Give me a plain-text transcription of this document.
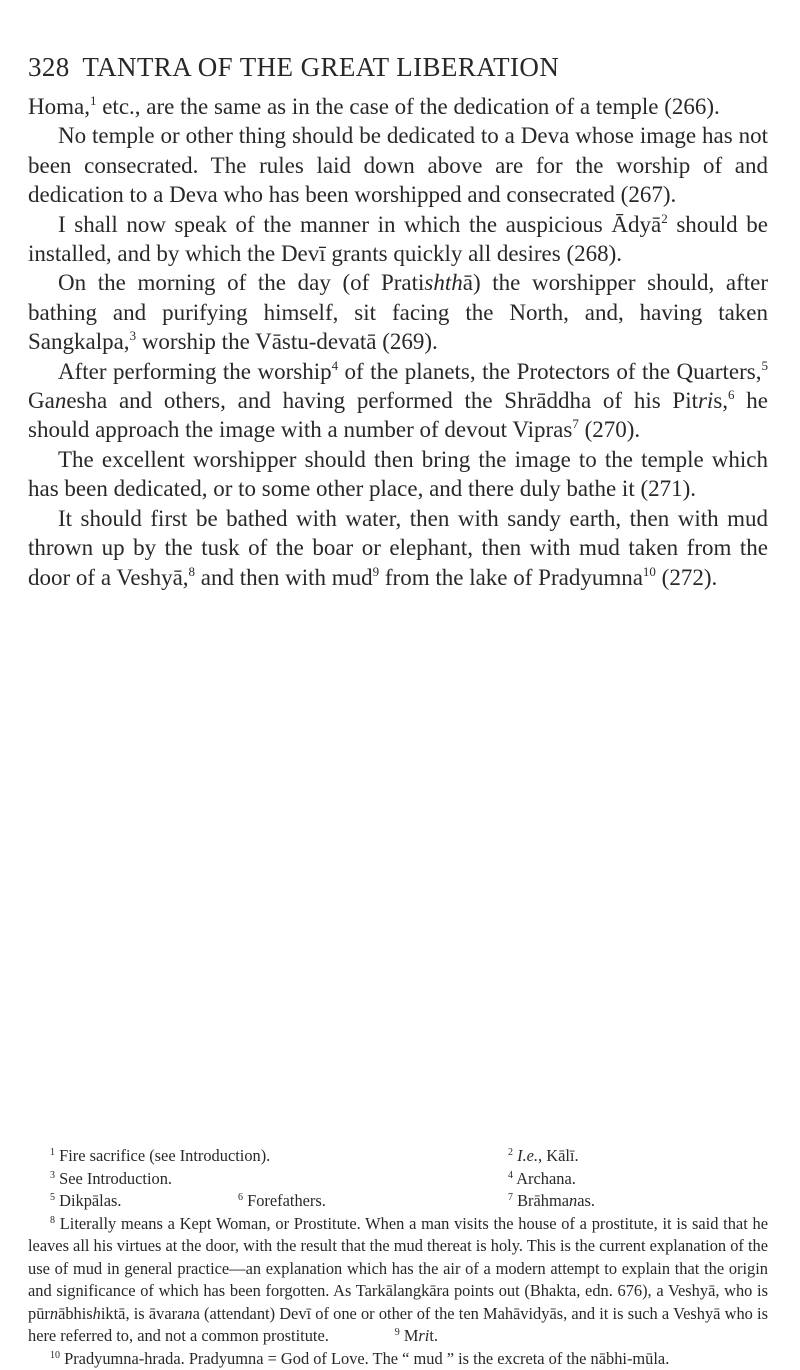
328 TANTRA OF THE GREAT LIBERATION

Homa,$^1$ etc., are the same as in the case of the dedication of a temple (266).

No temple or other thing should be dedicated to a Deva whose image has not been consecrated. The rules laid down above are for the worship of and dedication to a Deva who has been worshipped and consecrated (267).

I shall now speak of the manner in which the auspicious Ādyā$^2$ should be installed, and by which the Devī grants quickly all desires (268).

On the morning of the day (of Pratishthā) the worshipper should, after bathing and purifying himself, sit facing the North, and, having taken Sangkalpa,$^3$ worship the Vāstu-devatā (269).

After performing the worship$^4$ of the planets, the Protectors of the Quarters,$^5$ Ganesha and others, and having performed the Shrāddha of his Pitris,$^6$ he should approach the image with a number of devout Vipras$^7$ (270).

The excellent worshipper should then bring the image to the temple which has been dedicated, or to some other place, and there duly bathe it (271).

It should first be bathed with water, then with sandy earth, then with mud thrown up by the tusk of the boar or elephant, then with mud taken from the door of a Veshyā,$^8$ and then with mud$^9$ from the lake of Pradyumna$^{10}$ (272).

$^1$ Fire sacrifice (see Introduction).	$^2$ I.e., Kālī.
$^3$ See Introduction.	$^4$ Archana.
$^5$ Dikpālas.	$^6$ Forefathers.	$^7$ Brāhmanas.
$^8$ Literally means a Kept Woman, or Prostitute. When a man visits the house of a prostitute, it is said that he leaves all his virtues at the door, with the result that the mud thereat is holy. This is the current explanation of the use of mud in general practice—an explanation which has the air of a modern attempt to explain that the origin and significance of which has been forgotten. As Tarkālangkāra points out (Bhakta, edn. 676), a Veshyā, who is pūrnābhishiktā, is āvarana (attendant) Devī of one or other of the ten Mahāvidyās, and it is such a Veshyā who is here referred to, and not a common prostitute.	$^9$ Mrit.
$^{10}$ Pradyumna-hrada. Pradyumna = God of Love. The “ mud ” is the excreta of the nābhi-mūla.
